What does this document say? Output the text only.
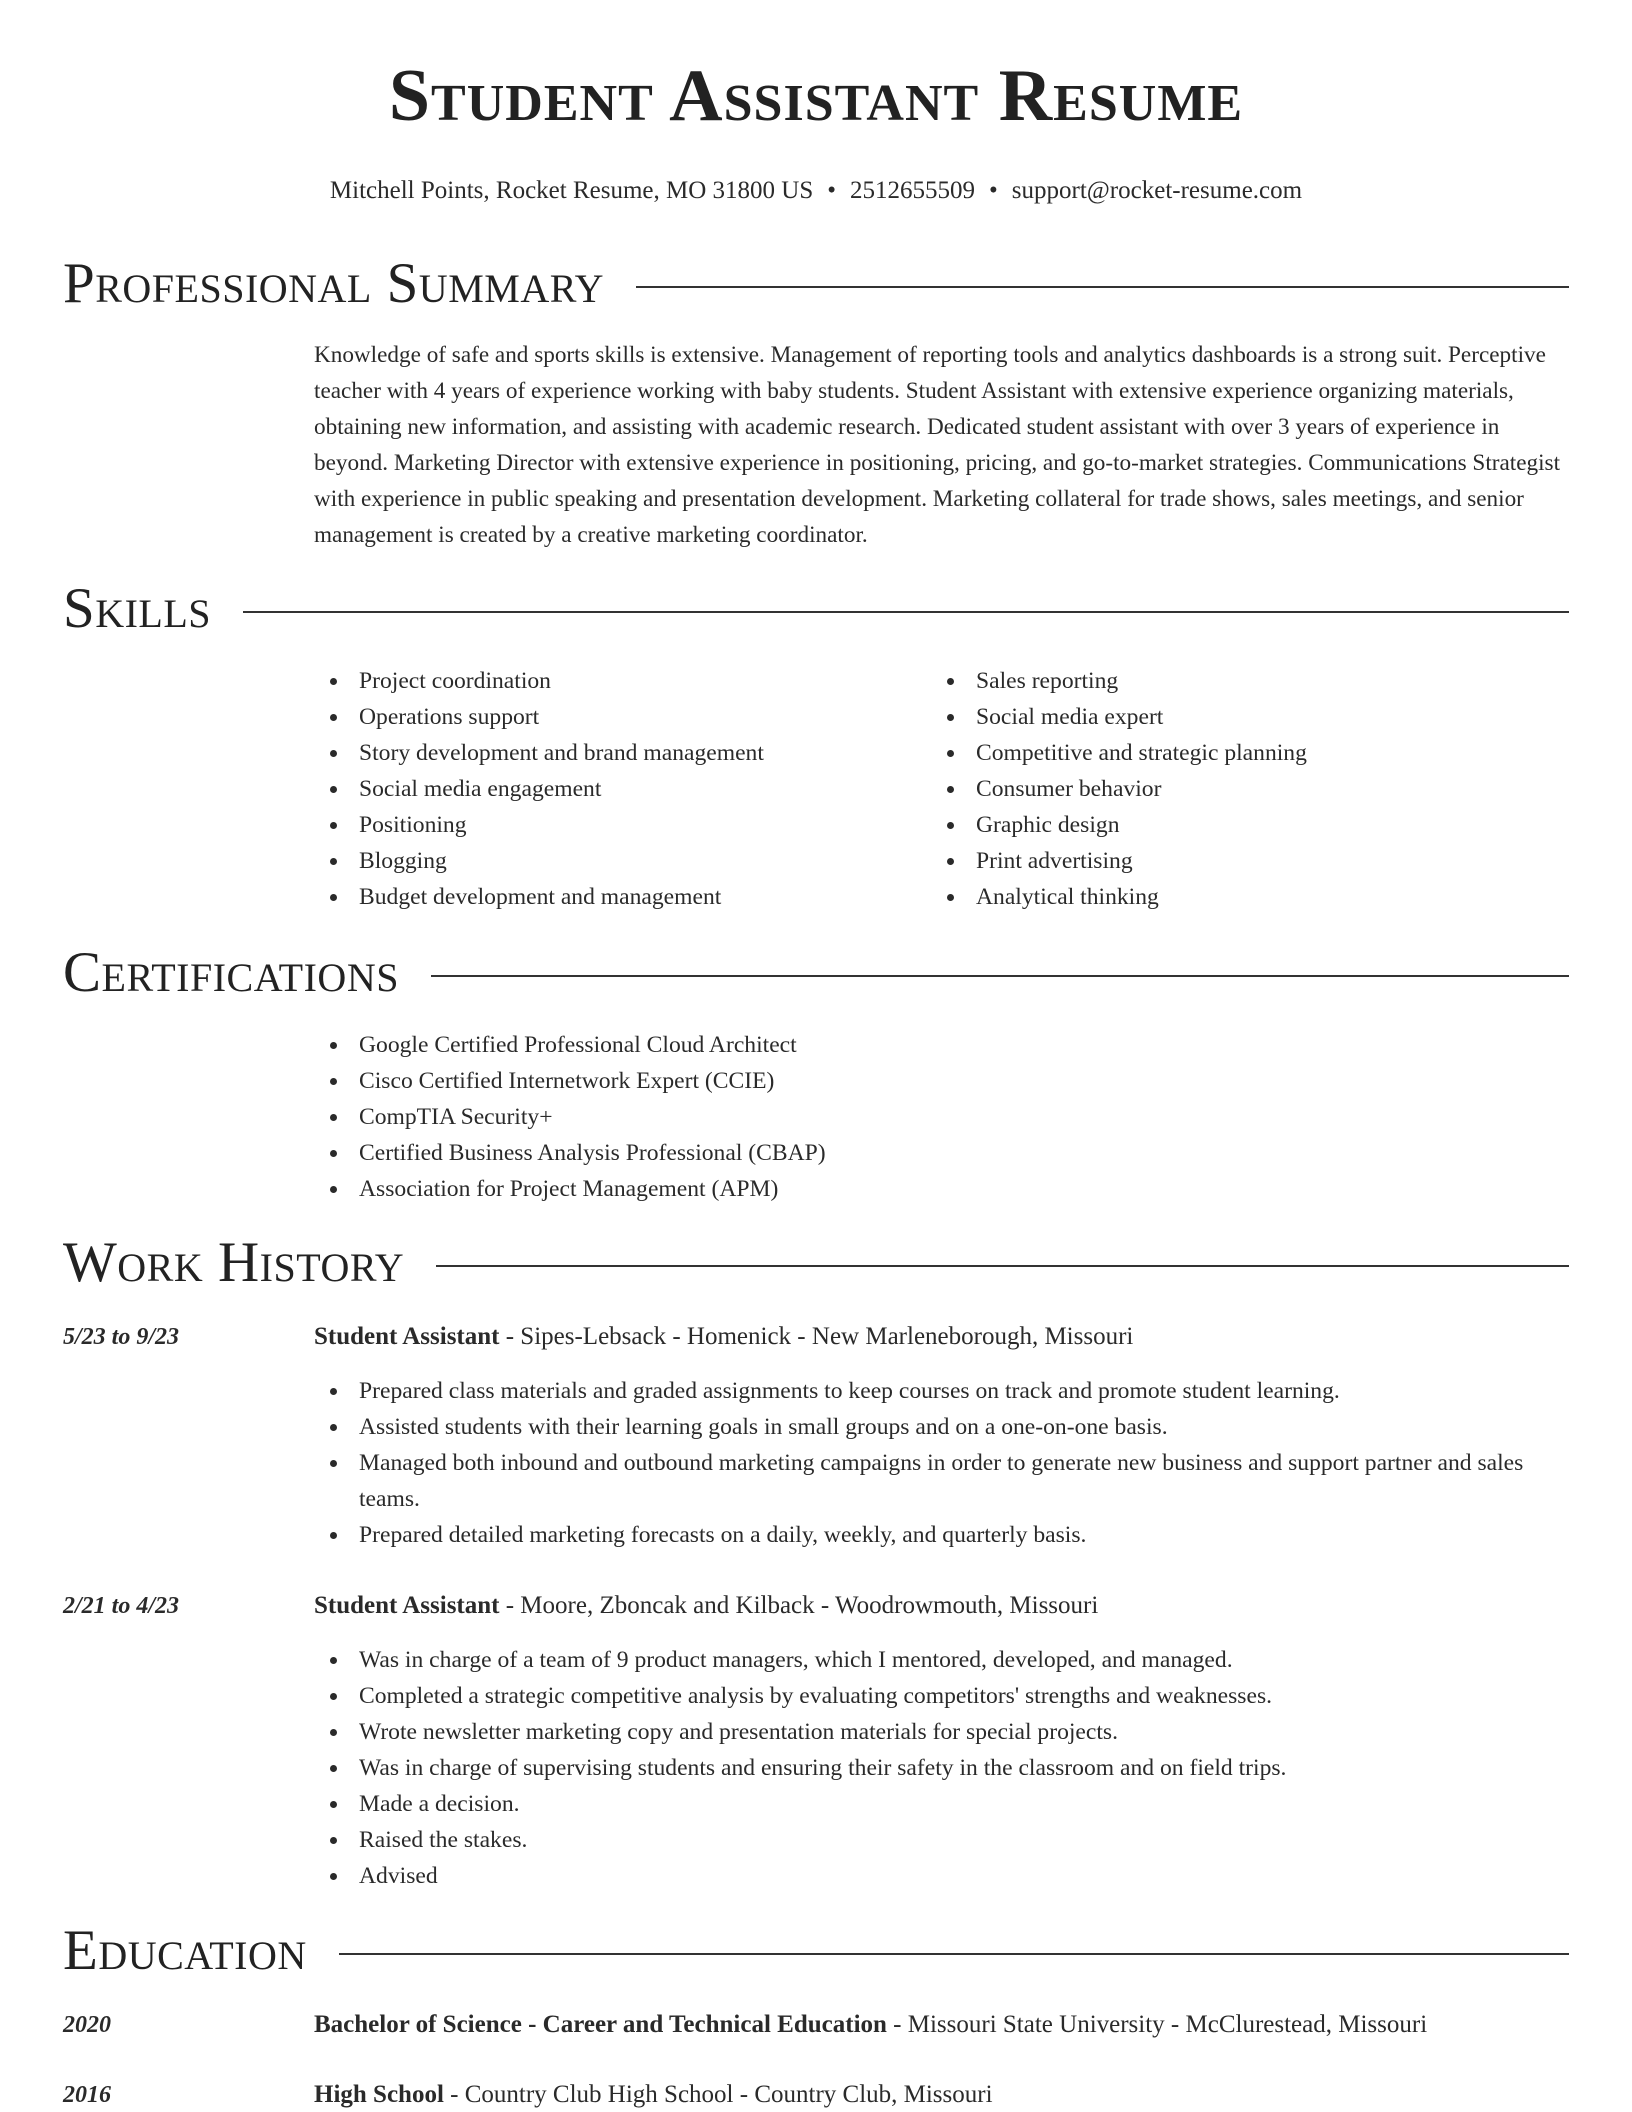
Student Assistant Resume
Mitchell Points, Rocket Resume, MO 31800 US • 2512655509 • support@rocket-resume.com
Professional Summary

Knowledge of safe and sports skills is extensive. Management of reporting tools and analytics dashboards is a strong suit. Perceptive teacher with 4 years of experience working with baby students. Student Assistant with extensive experience organizing materials, obtaining new information, and assisting with academic research. Dedicated student assistant with over 3 years of experience in beyond. Marketing Director with extensive experience in positioning, pricing, and go-to-market strategies. Communications Strategist with experience in public speaking and presentation development. Marketing collateral for trade shows, sales meetings, and senior management is created by a creative marketing coordinator.

Skills
Project coordination
Operations support
Story development and brand management
Social media engagement
Positioning
Blogging
Budget development and management
Sales reporting
Social media expert
Competitive and strategic planning
Consumer behavior
Graphic design
Print advertising
Analytical thinking
Certifications
Google Certified Professional Cloud Architect
Cisco Certified Internetwork Expert (CCIE)
CompTIA Security+
Certified Business Analysis Professional (CBAP)
Association for Project Management (APM)
Work History
5/23 to 9/23	Student Assistant - Sipes-Lebsack - Homenick - New Marleneborough, Missouri
Prepared class materials and graded assignments to keep courses on track and promote student learning.
Assisted students with their learning goals in small groups and on a one-on-one basis.
Managed both inbound and outbound marketing campaigns in order to generate new business and support partner and sales teams.
Prepared detailed marketing forecasts on a daily, weekly, and quarterly basis.
2/21 to 4/23	Student Assistant - Moore, Zboncak and Kilback - Woodrowmouth, Missouri
Was in charge of a team of 9 product managers, which I mentored, developed, and managed.
Completed a strategic competitive analysis by evaluating competitors' strengths and weaknesses.
Wrote newsletter marketing copy and presentation materials for special projects.
Was in charge of supervising students and ensuring their safety in the classroom and on field trips.
Made a decision.
Raised the stakes.
Advised
Education
2020	Bachelor of Science - Career and Technical Education - Missouri State University - McClurestead, Missouri
2016	High School - Country Club High School - Country Club, Missouri
